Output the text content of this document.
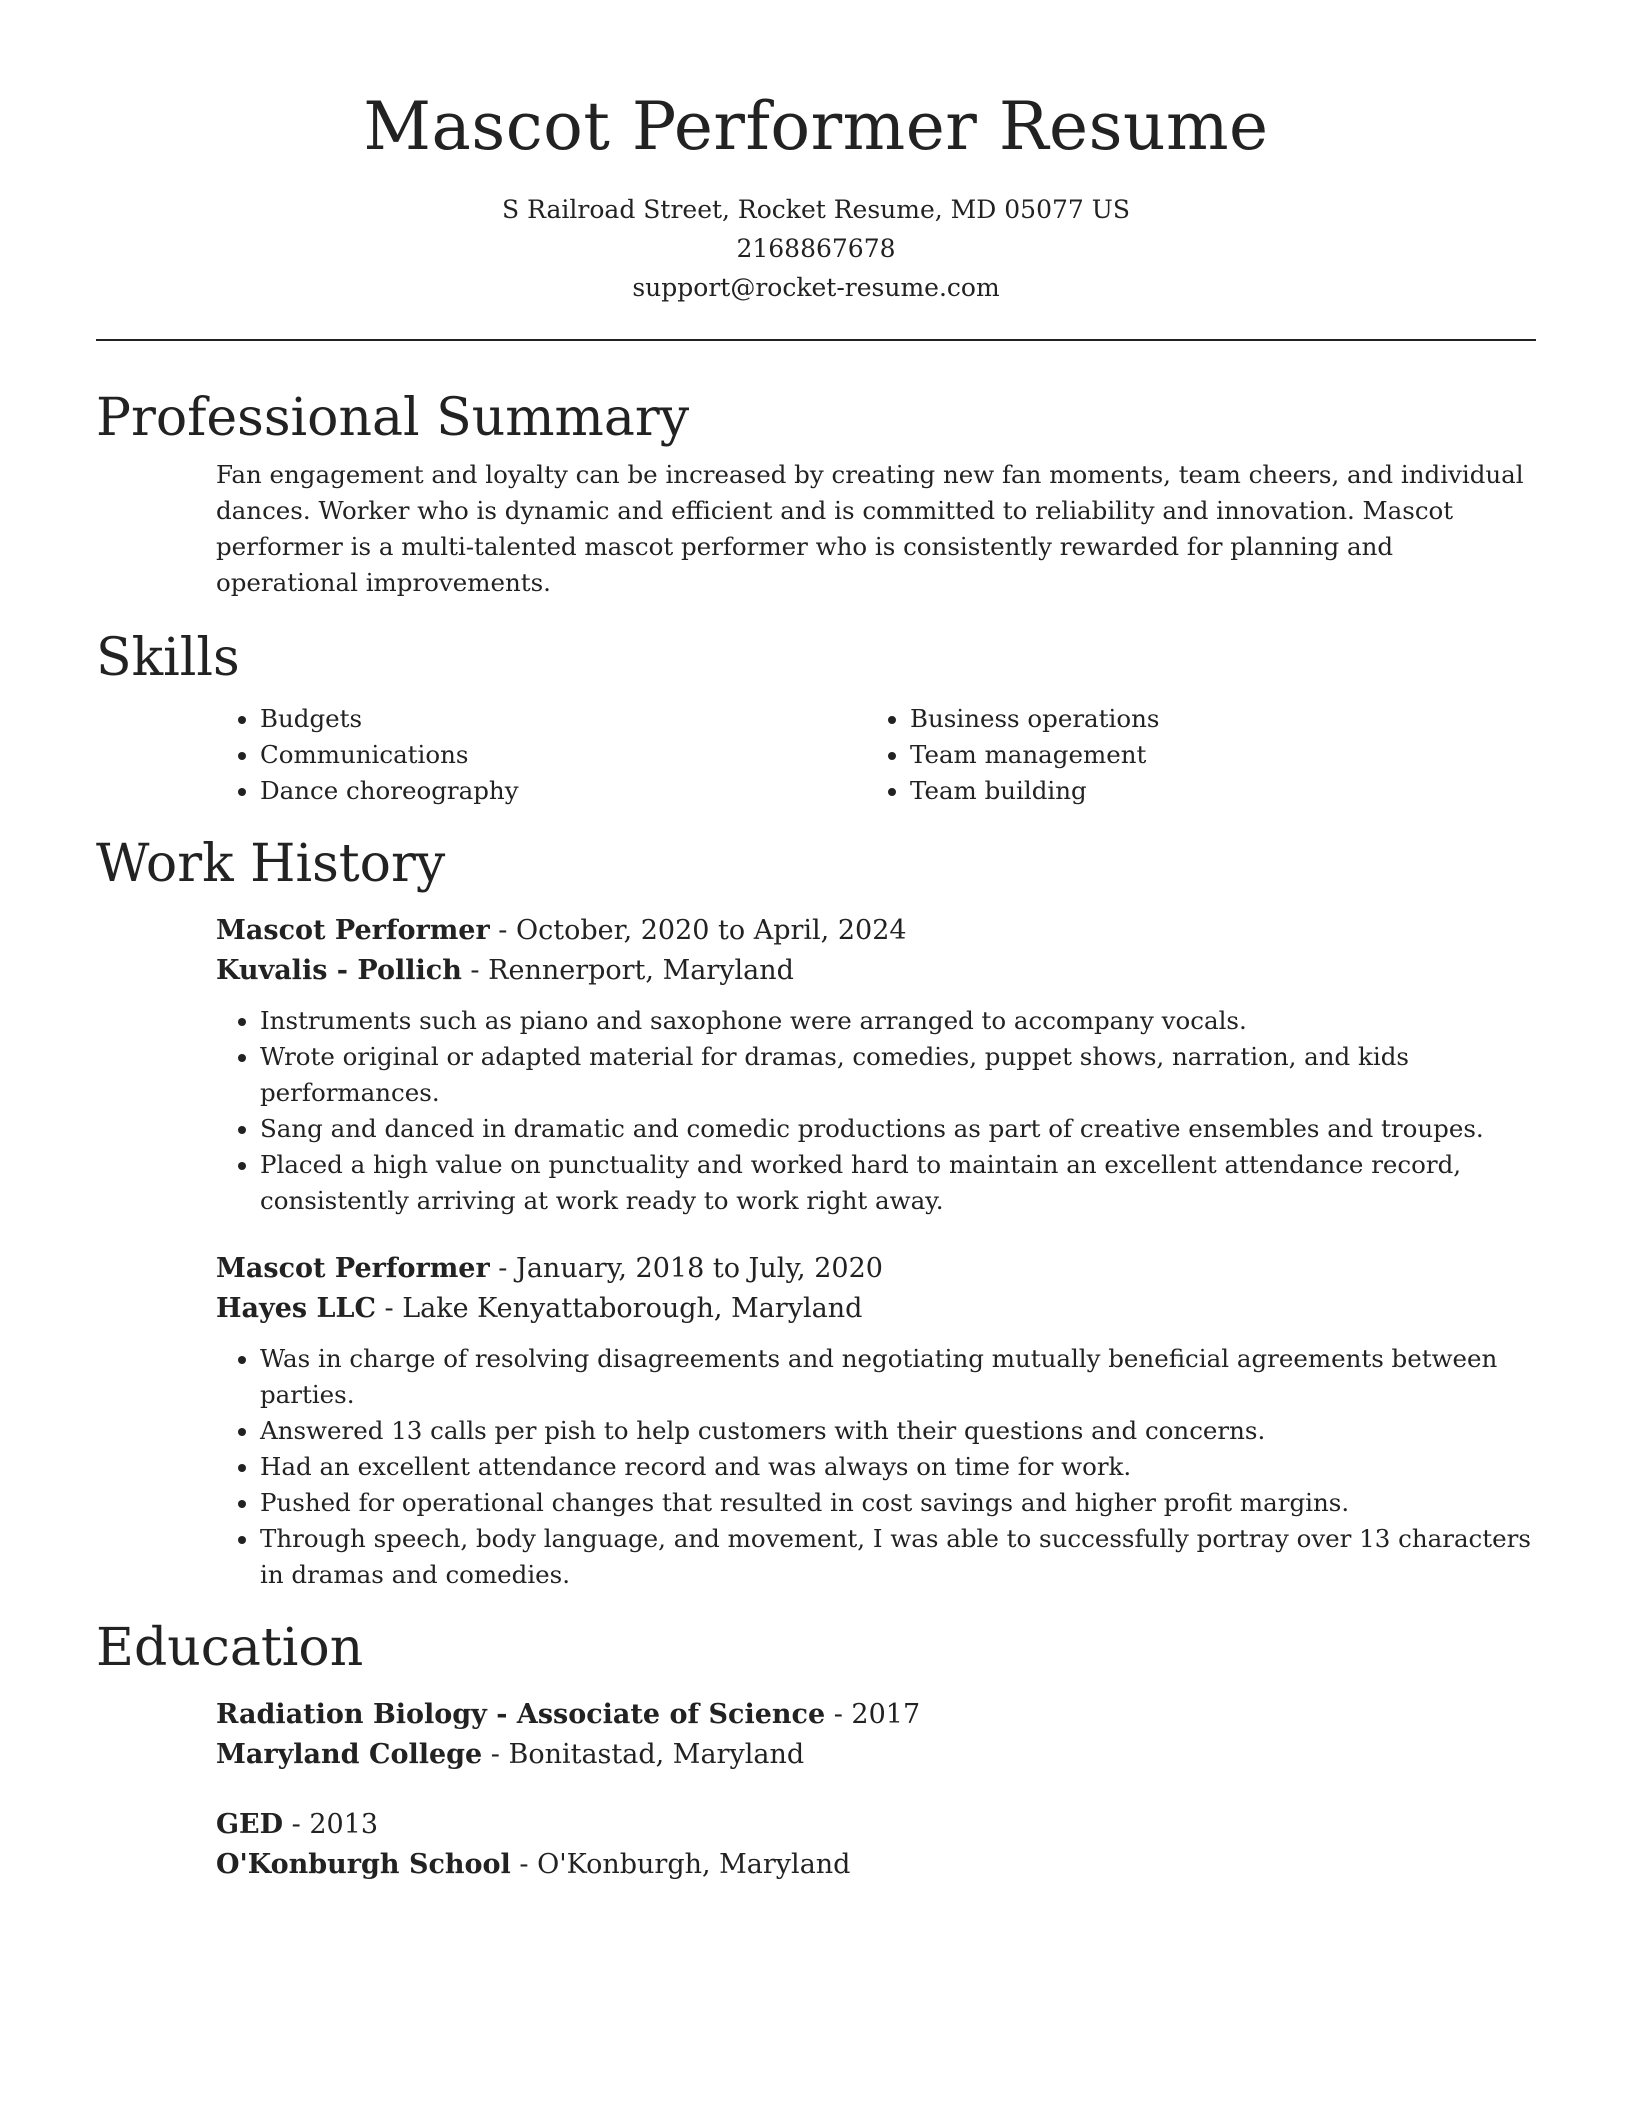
Mascot Performer Resume
S Railroad Street, Rocket Resume, MD 05077 US
2168867678
support@rocket-resume.com
Professional Summary
Fan engagement and loyalty can be increased by creating new fan moments, team cheers, and individual dances. Worker who is dynamic and efficient and is committed to reliability and innovation. Mascot performer is a multi-talented mascot performer who is consistently rewarded for planning and operational improvements.
Skills
• Budgets
• Communications
• Dance choreography
• Business operations
• Team management
• Team building
Work History
Mascot Performer - October, 2020 to April, 2024
Kuvalis - Pollich - Rennerport, Maryland
• Instruments such as piano and saxophone were arranged to accompany vocals.
• Wrote original or adapted material for dramas, comedies, puppet shows, narration, and kids performances.
• Sang and danced in dramatic and comedic productions as part of creative ensembles and troupes.
• Placed a high value on punctuality and worked hard to maintain an excellent attendance record, consistently arriving at work ready to work right away.
Mascot Performer - January, 2018 to July, 2020
Hayes LLC - Lake Kenyattaborough, Maryland
• Was in charge of resolving disagreements and negotiating mutually beneficial agreements between parties.
• Answered 13 calls per pish to help customers with their questions and concerns.
• Had an excellent attendance record and was always on time for work.
• Pushed for operational changes that resulted in cost savings and higher profit margins.
• Through speech, body language, and movement, I was able to successfully portray over 13 characters in dramas and comedies.
Education
Radiation Biology - Associate of Science - 2017
Maryland College - Bonitastad, Maryland
GED - 2013
O'Konburgh School - O'Konburgh, Maryland
